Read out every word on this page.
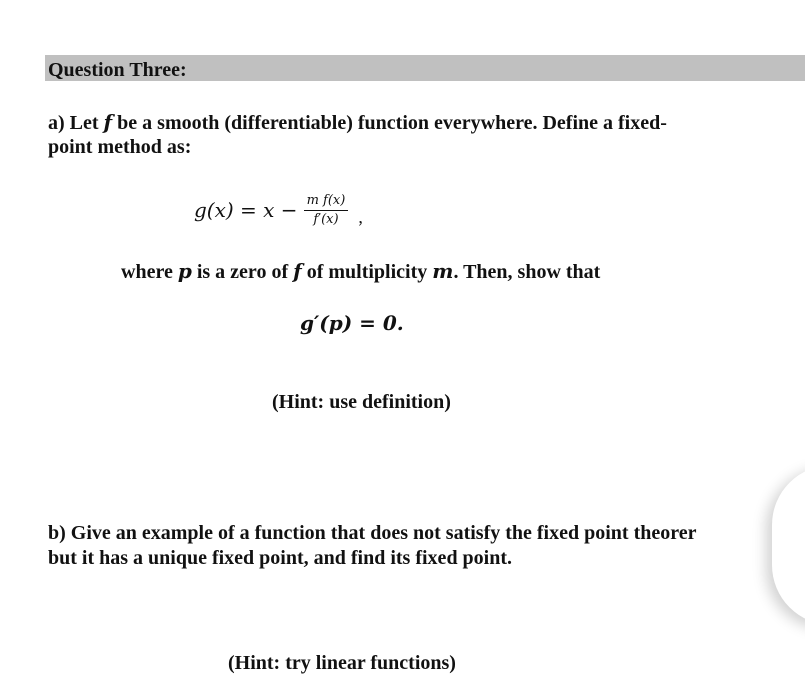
Question Three:
a) Let f be a smooth (differentiable) function everywhere. Define a fixed-
point method as:
$g(x) = x - \frac{\text{m f(x)}}{f'(x)}$ ,
where p is a zero of f of multiplicity m. Then, show that
g′(p) = 0.
(Hint: use definition)
b) Give an example of a function that does not satisfy the fixed point theorer
but it has a unique fixed point, and find its fixed point.
(Hint: try linear functions)
